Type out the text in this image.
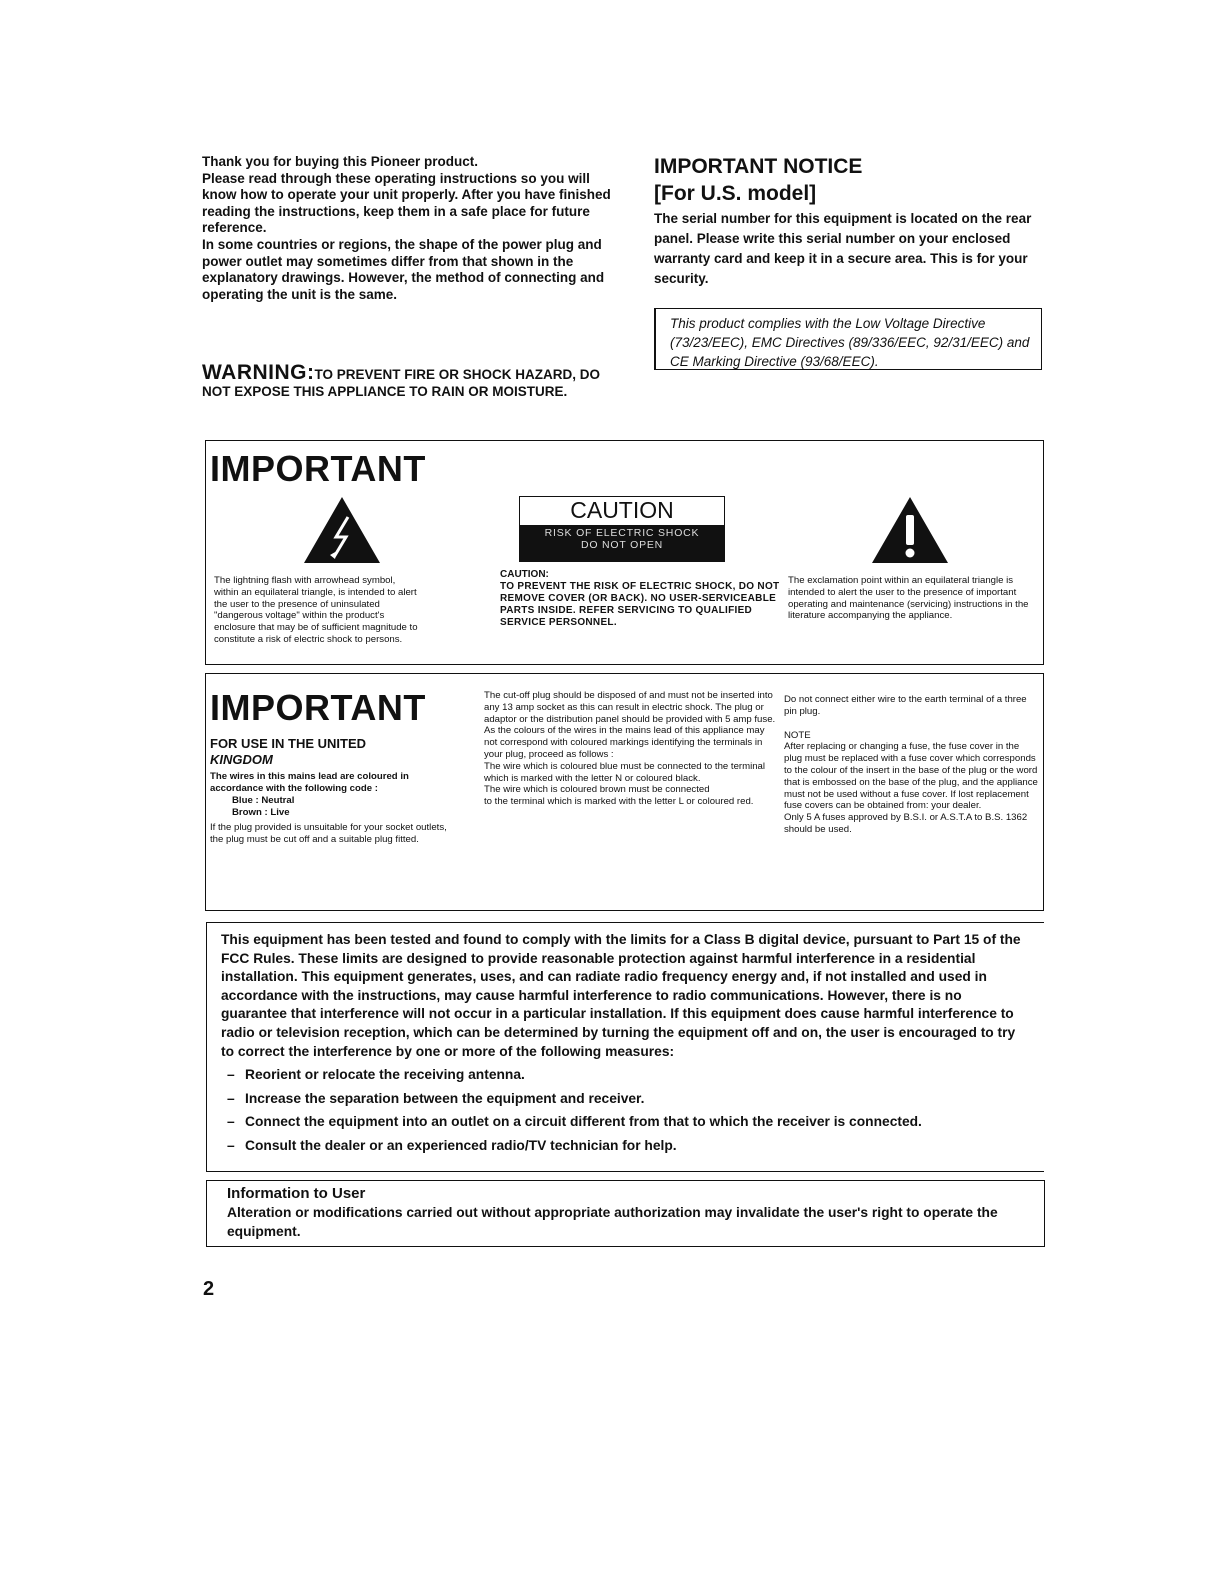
Thank you for buying this Pioneer product.

Please read through these operating instructions so you will know how to operate your unit properly. After you have finished reading the instructions, keep them in a safe place for future reference.

In some countries or regions, the shape of the power plug and power outlet may sometimes differ from that shown in the explanatory drawings. However, the method of connecting and operating the unit is the same.

WARNING:TO PREVENT FIRE OR SHOCK HAZARD, DO NOT EXPOSE THIS APPLIANCE TO RAIN OR MOISTURE.
IMPORTANT NOTICE
[For U.S. model]

The serial number for this equipment is located on the rear panel. Please write this serial number on your enclosed warranty card and keep it in a secure area. This is for your security.

This product complies with the Low Voltage Directive (73/23/EEC), EMC Directives (89/336/EEC, 92/31/EEC) and CE Marking Directive (93/68/EEC).
IMPORTANT

The lightning flash with arrowhead symbol, within an equilateral triangle, is intended to alert the user to the presence of uninsulated "dangerous voltage" within the product's enclosure that may be of sufficient magnitude to constitute a risk of electric shock to persons.

CAUTION:

TO PREVENT THE RISK OF ELECTRIC SHOCK, DO NOT REMOVE COVER (OR BACK). NO USER-SERVICEABLE PARTS INSIDE. REFER SERVICING TO QUALIFIED SERVICE PERSONNEL.

The exclamation point within an equilateral triangle is intended to alert the user to the presence of important operating and maintenance (servicing) instructions in the literature accompanying the appliance.

CAUTION
RISK OF ELECTRIC SHOCK
DO NOT OPEN
IMPORTANT
FOR USE IN THE UNITED
KINGDOM

The wires in this mains lead are coloured in accordance with the following code :

Blue : Neutral

Brown : Live

If the plug provided is unsuitable for your socket outlets, the plug must be cut off and a suitable plug fitted.

The cut-off plug should be disposed of and must not be inserted into any 13 amp socket as this can result in electric shock. The plug or adaptor or the distribution panel should be provided with 5 amp fuse. As the colours of the wires in the mains lead of this appliance may not correspond with coloured markings identifying the terminals in your plug, proceed as follows :

The wire which is coloured blue must be connected to the terminal which is marked with the letter N or coloured black.

The wire which is coloured brown must be connected

to the terminal which is marked with the letter L or coloured red.

Do not connect either wire to the earth terminal of a three pin plug.

NOTE

After replacing or changing a fuse, the fuse cover in the plug must be replaced with a fuse cover which corresponds to the colour of the insert in the base of the plug or the word that is embossed on the base of the plug, and the appliance must not be used without a fuse cover. If lost replacement fuse covers can be obtained from: your dealer.

Only 5 A fuses approved by B.S.I. or A.S.T.A to B.S. 1362 should be used.

This equipment has been tested and found to comply with the limits for a Class B digital device, pursuant to Part 15 of the FCC Rules. These limits are designed to provide reasonable protection against harmful interference in a residential installation. This equipment generates, uses, and can radiate radio frequency energy and, if not installed and used in accordance with the instructions, may cause harmful interference to radio communications. However, there is no guarantee that interference will not occur in a particular installation. If this equipment does cause harmful interference to radio or television reception, which can be determined by turning the equipment off and on, the user is encouraged to try to correct the interference by one or more of the following measures:

– Reorient or relocate the receiving antenna.
– Increase the separation between the equipment and receiver.
– Connect the equipment into an outlet on a circuit different from that to which the receiver is connected.
– Consult the dealer or an experienced radio/TV technician for help.
Information to User

Alteration or modifications carried out without appropriate authorization may invalidate the user's right to operate the equipment.

2
